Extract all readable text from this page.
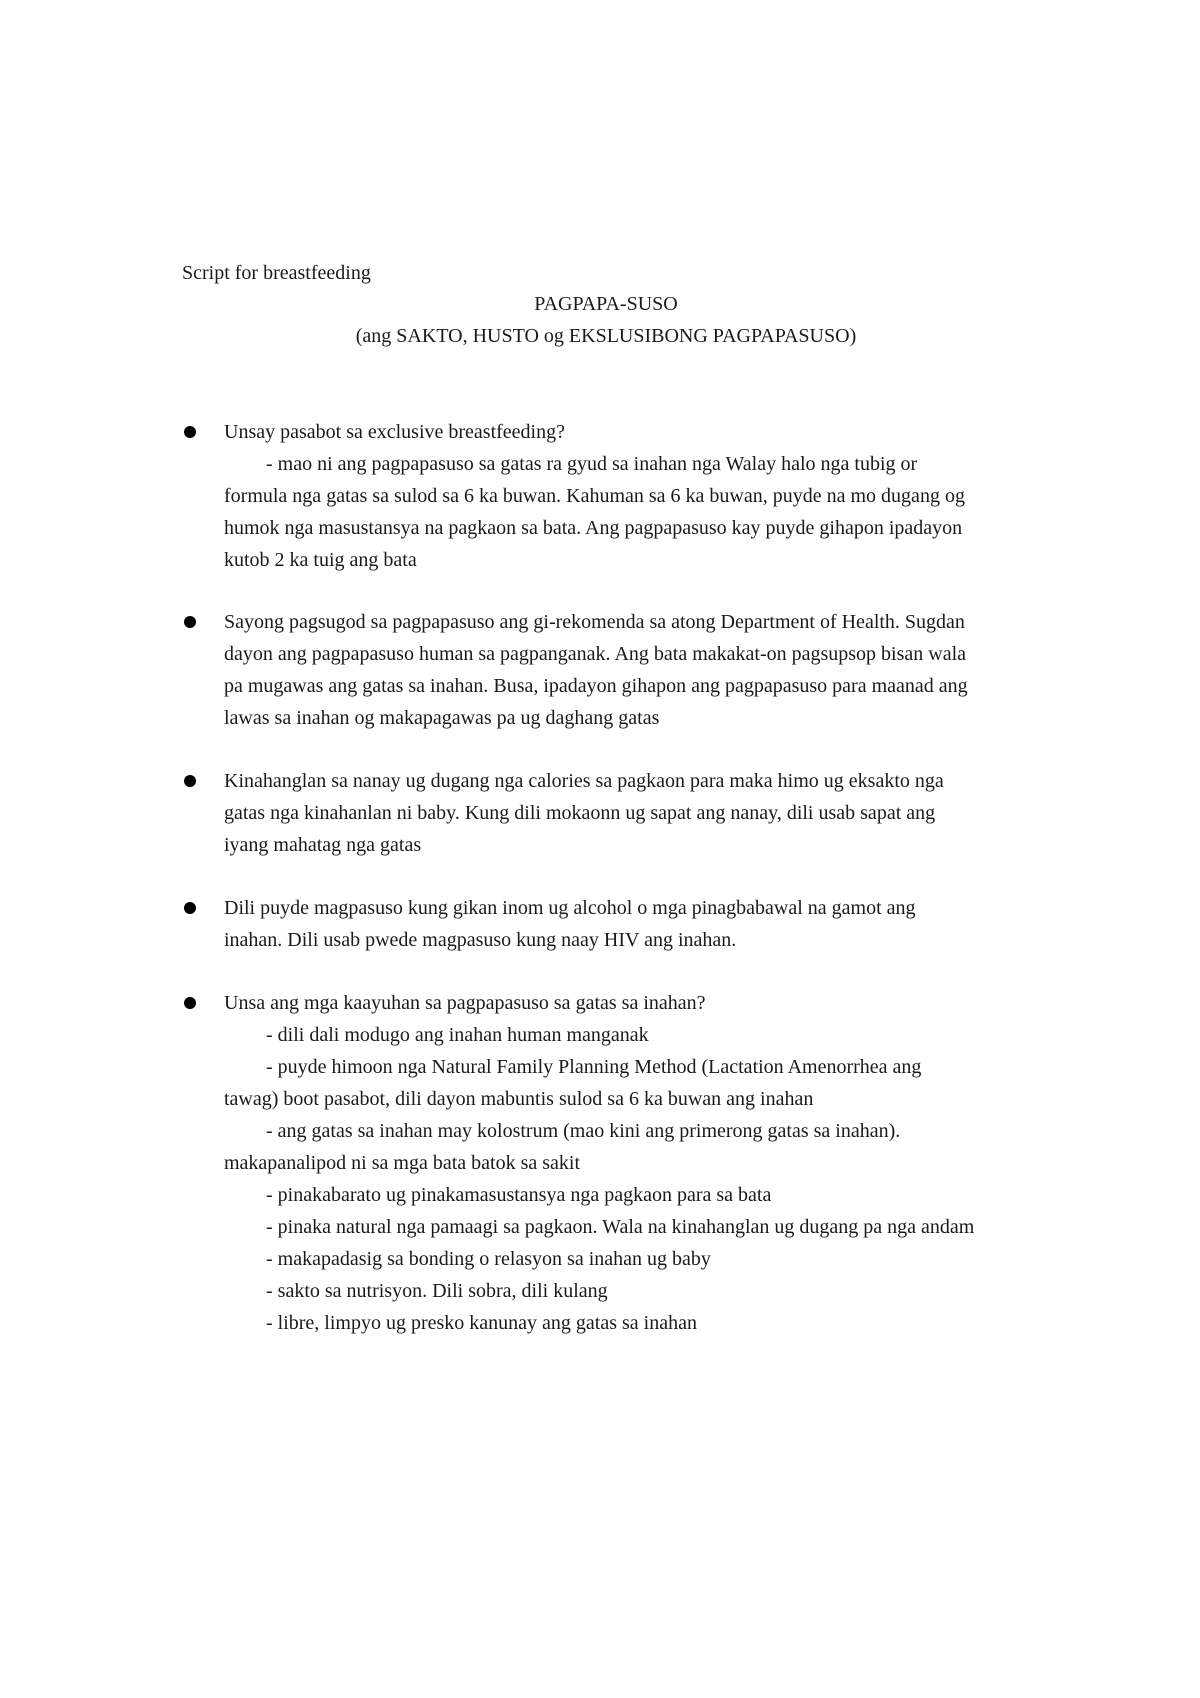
Script for breastfeeding
PAGPAPA-SUSO
(ang SAKTO, HUSTO og EKSLUSIBONG PAGPAPASUSO)
Unsay pasabot sa exclusive breastfeeding?
- mao ni ang pagpapasuso sa gatas ra gyud sa inahan nga Walay halo nga tubig or
formula nga gatas sa sulod sa 6 ka buwan. Kahuman sa 6 ka buwan, puyde na mo dugang og
humok nga masustansya na pagkaon sa bata. Ang pagpapasuso kay puyde gihapon ipadayon
kutob 2 ka tuig ang bata
Sayong pagsugod sa pagpapasuso ang gi-rekomenda sa atong Department of Health. Sugdan
dayon ang pagpapasuso human sa pagpanganak. Ang bata makakat-on pagsupsop bisan wala
pa mugawas ang gatas sa inahan. Busa, ipadayon gihapon ang pagpapasuso para maanad ang
lawas sa inahan og makapagawas pa ug daghang gatas
Kinahanglan sa nanay ug dugang nga calories sa pagkaon para maka himo ug eksakto nga
gatas nga kinahanlan ni baby. Kung dili mokaonn ug sapat ang nanay, dili usab sapat ang
iyang mahatag nga gatas
Dili puyde magpasuso kung gikan inom ug alcohol o mga pinagbabawal na gamot ang
inahan. Dili usab pwede magpasuso kung naay HIV ang inahan.
Unsa ang mga kaayuhan sa pagpapasuso sa gatas sa inahan?
- dili dali modugo ang inahan human manganak
- puyde himoon nga Natural Family Planning Method (Lactation Amenorrhea ang
tawag) boot pasabot, dili dayon mabuntis sulod sa 6 ka buwan ang inahan
- ang gatas sa inahan may kolostrum (mao kini ang primerong gatas sa inahan).
makapanalipod ni sa mga bata batok sa sakit
- pinakabarato ug pinakamasustansya nga pagkaon para sa bata
- pinaka natural nga pamaagi sa pagkaon. Wala na kinahanglan ug dugang pa nga andam
- makapadasig sa bonding o relasyon sa inahan ug baby
- sakto sa nutrisyon. Dili sobra, dili kulang
- libre, limpyo ug presko kanunay ang gatas sa inahan
